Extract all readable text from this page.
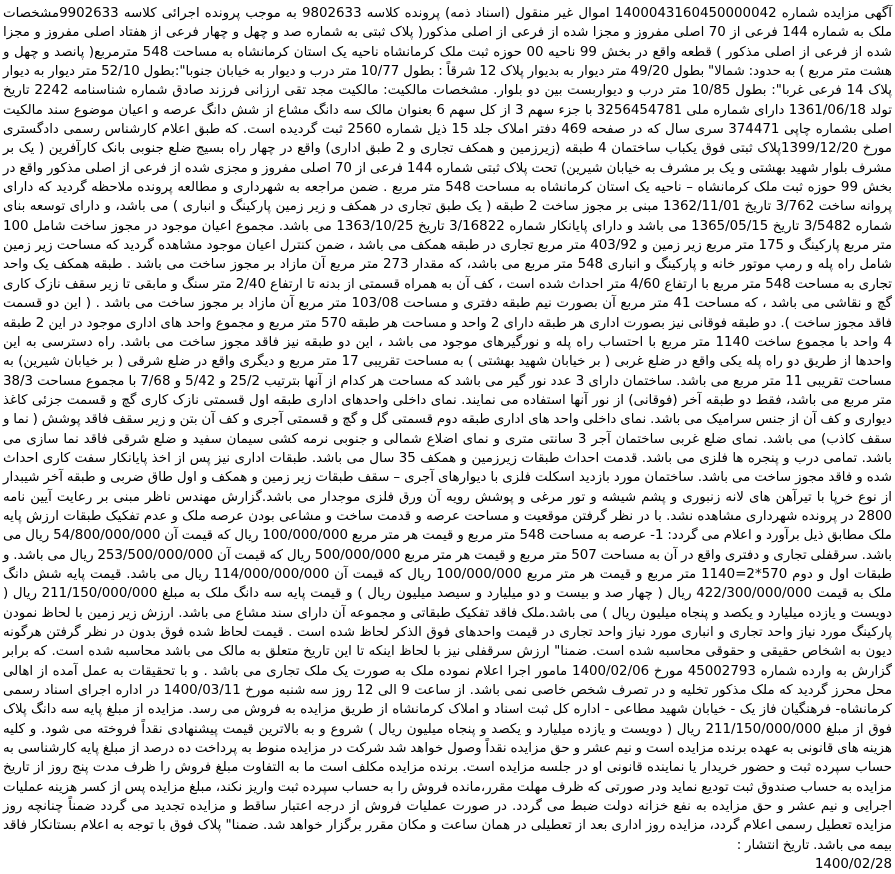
آگهی مزایده شماره 1400043160450000042 اموال غیر منقول (اسناد ذمه) پرونده کلاسه 9802633 به موجب پرونده اجرائی کلاسه 9902633مشخصات ملک به شماره 144 فرعی از 70 اصلی مفروز و مجزا شده از فرعی از اصلی مذکور( پلاک ثبتی به شماره صد و چهل و چهار فرعی از هفتاد اصلی مفروز و مجزا شده از فرعی از اصلی مذکور ) قطعه واقع در بخش 99 ناحیه 00 حوزه ثبت ملک کرمانشاه ناحیه یک استان کرمانشاه به مساحت 548 مترمربع( پانصد و چهل و هشت متر مربع ) به حدود: شمالا" بطول 49/20 متر دیوار به بدیوار پلاک 12 شرقاً : بطول 10/77 متر درب و دیوار به خیابان جنوبا":بطول 52/10 متر دیوار به دیوار پلاک 14 فرعی غربا": بطول 10/85 متر درب و دیواربست بین دو بلوار. مشخصات مالکیت: مالکیت مجد تقی ارزانی فرزند صادق شماره شناسنامه 2242 تاریخ تولد 1361/06/18 دارای شماره ملی 3256454781 با جزء سهم 3 از کل سهم 6 بعنوان مالک سه دانگ مشاع از شش دانگ عرصه و اعیان موضوع سند مالکیت اصلی بشماره چاپی 374471 سری سال که در صفحه 469 دفتر املاک جلد 15 ذیل شماره 2560 ثبت گردیده است. که طبق اعلام کارشناس رسمی دادگستری مورخ 1399/12/20پلاک ثبتی فوق یکباب ساختمان 4 طبقه (زیرزمین و همکف تجاری و 2 طبق اداری) واقع در چهار راه بسیج ضلع جنوبی بانک کارآفرین ( یک بر مشرف بلوار شهید بهشتی و یک بر مشرف به خیابان شیرین) تحت پلاک ثبتی شماره 144 فرعی از 70 اصلی مفروز و مجزی شده از فرعی از اصلی مذکور واقع در بخش 99 حوزه ثبت ملک کرمانشاه – ناحیه یک استان کرمانشاه به مساحت 548 متر مربع . ضمن مراجعه به شهرداری و مطالعه پرونده ملاحظه گردید که دارای پروانه ساخت 3/762 تاریخ 1362/11/01 مبنی بر مجوز ساخت 2 طبقه ( یک طبق تجاری در همکف و زیر زمین پارکینگ و انباری ) می باشد، و دارای توسعه بنای شماره 3/5482 تاریخ 1365/05/15 می باشد و دارای پایانکار شماره 3/16822 تاریخ 1363/10/25 می باشد. مجموع اعیان موجود در مجوز ساخت شامل 100 متر مربع پارکینگ و 175 متر مربع زیر زمین و 403/92 متر مربع تجاری در طبقه همکف می باشد ، ضمن کنترل اعیان موجود مشاهده گردید که مساحت زیر زمین شامل راه پله و رمپ موتور خانه و پارکینگ و انباری 548 متر مربع می باشد، که مقدار 273 متر مربع آن مازاد بر مجوز ساخت می باشد . طبقه همکف یک واحد تجاری به مساحت 548 متر مربع با ارتفاع 4/60 متر احداث شده است ، کف آن به همراه قسمتی از بدنه تا ارتفاع 2/40 متر سنگ و مابقی تا زیر سقف نازک کاری گچ و نقاشی می باشد ، که مساحت 41 متر مربع آن بصورت نیم طبقه دفتری و مساحت 103/08 متر مربع آن مازاد بر مجوز ساخت می باشد . ( این دو قسمت فاقد مجوز ساخت ). دو طبقه فوقانی نیز بصورت اداری هر طبقه دارای 2 واحد و مساحت هر طبقه 570 متر مربع و مجموع واحد های اداری موجود در این 2 طبقه 4 واحد با مجموع ساخت 1140 متر مربع با احتساب راه پله و نورگیرهای موجود می باشد ، این دو طبقه نیز فاقد مجوز ساخت می باشد. راه دسترسی به این واحدها از طریق دو راه پله یکی واقع در ضلع غربی ( بر خیابان شهید بهشتی ) به مساحت تقریبی 17 متر مربع و دیگری واقع در ضلع شرقی ( بر خیابان شیرین) به مساحت تقریبی 11 متر مربع می باشد. ساختمان دارای 3 عدد نور گیر می باشد که مساحت هر کدام از آنها بترتیب 25/2 و 5/42 و 7/68 با مجموع مساحت 38/3 متر مربع می باشد، فقط دو طبقه آخر (فوقانی) از نور آنها استفاده می نمایند. نمای داخلی واحدهای اداری طبقه اول قسمتی نازک کاری گچ و قسمت جزئی کاغذ دیواری و کف آن از جنس سرامیک می باشد. نمای داخلی واحد های اداری طبقه دوم قسمتی گل و گچ و قسمتی آجری و کف آن بتن و زیر سقف فاقد پوشش ( نما و سقف کاذب) می باشد. نمای ضلع غربی ساختمان آجر 3 سانتی متری و نمای اضلاع شمالی و جنوبی نرمه کشی سیمان سفید و ضلع شرقی فاقد نما سازی می باشد. تمامی درب و پنجره ها فلزی می باشد. قدمت احداث طبقات زیرزمین و همکف 35 سال می باشد. طبقات اداری نیز پس از اخذ پایانکار سفت کاری احداث شده و فاقد مجوز ساخت می باشد. ساختمان مورد بازدید اسکلت فلزی با دیوارهای آجری – سقف طبقات زیر زمین و همکف و اول طاق ضربی و طبقه آخر شیبدار از نوع خرپا با تیرآهن های لانه زنبوری و پشم شیشه و تور مرغی و پوشش رویه آن ورق فلزی موجدار می باشد.گزارش مهندس ناظر مبنی بر رعایت آیین نامه 2800 در پرونده شهرداری مشاهده نشد. با در نظر گرفتن موقعیت و مساحت عرصه و قدمت ساخت و مشاعی بودن عرصه ملک و عدم تفکیک طبقات ارزش پایه ملک مطابق ذیل برآورد و اعلام می گردد: 1- عرصه به مساحت 548 متر مربع و قیمت هر متر مربع 100/000/000 ریال که قیمت آن 54/800/000/000 ریال می باشد. سرقفلی تجاری و دفتری واقع در آن به مساحت 507 متر مربع و قیمت هر متر مربع 500/000/000 ریال که قیمت آن 253/500/000/000 ریال می باشد. و طبقات اول و دوم 570*2=1140 متر مربع و قیمت هر متر مربع 100/000/000 ریال که قیمت آن 114/000/000/000 ریال می باشد. قیمت پایه شش دانگ ملک به قیمت 422/300/000/000 ریال ( چهار صد و بیست و دو میلیارد و سیصد میلیون ریال ) و قیمت پایه سه دانگ ملک به مبلغ 211/150/000/000 ریال ( دویست و یازده میلیارد و یکصد و پنجاه میلیون ریال ) می باشد.ملک فاقد تفکیک طبقاتی و مجموعه آن دارای سند مشاع می باشد. ارزش زیر زمین با لحاظ نمودن پارکینگ مورد نیاز واحد تجاری و انباری مورد نیاز واحد تجاری در قیمت واحدهای فوق الذکر لحاظ شده است . قیمت لحاظ شده فوق بدون در نظر گرفتن هرگونه دیون به اشخاص حقیقی و حقوقی محاسبه شده است. ضمنا" ارزش سرقفلی نیز با لحاظ اینکه تا این تاریخ متعلق به مالک می باشد محاسبه شده است. که برابر گزارش به وارده شماره 45002793 مورخ 1400/02/06 مامور اجرا اعلام نموده ملک به صورت یک ملک تجاری می باشد . و با تحقیقات به عمل آمده از اهالی محل محرز گردید که ملک مذکور تخلیه و در تصرف شخص خاصی نمی باشد. از ساعت 9 الی 12 روز سه شنبه مورخ 1400/03/11 در اداره اجرای اسناد رسمی کرمانشاه- فرهنگیان فاز یک - خیابان شهید مطاعی - اداره کل ثبت اسناد و املاک کرمانشاه از طریق مزایده به فروش می رسد. مزایده از مبلغ پایه سه دانگ پلاک فوق از مبلغ 211/150/000/000 ریال ( دویست و یازده میلیارد و یکصد و پنجاه میلیون ریال ) شروع و به بالاترین قیمت پیشنهادی نقداً فروخته می شود. و کلیه هزینه های قانونی به عهده برنده مزایده است و نیم عشر و حق مزایده نقداً وصول خواهد شد شرکت در مزایده منوط به پرداخت ده درصد از مبلغ پایه کارشناسی به حساب سپرده ثبت و حضور خریدار یا نماینده قانونی او در جلسه مزایده است. برنده مزایده مکلف است ما به التفاوت مبلغ فروش را ظرف مدت پنج روز از تاریخ مزایده به حساب صندوق ثبت تودیع نماید ودر صورتی که ظرف مهلت مقرر،مانده فروش را به حساب سپرده ثبت واریز نکند، مبلغ مزایده پس از کسر هزینه عملیات اجرایی و نیم عشر و حق مزایده به نفع خزانه دولت ضبط می گردد. در صورت عملیات فروش از درجه اعتبار ساقط و مزایده تجدید می گردد ضمناً چنانچه روز مزایده تعطیل رسمی اعلام گردد، مزایده روز اداری بعد از تعطیلی در همان ساعت و مکان مقرر برگزار خواهد شد. ضمنا" پلاک فوق با توجه به اعلام بستانکار فاقد بیمه می باشد. تاریخ انتشار :
1400/02/28
